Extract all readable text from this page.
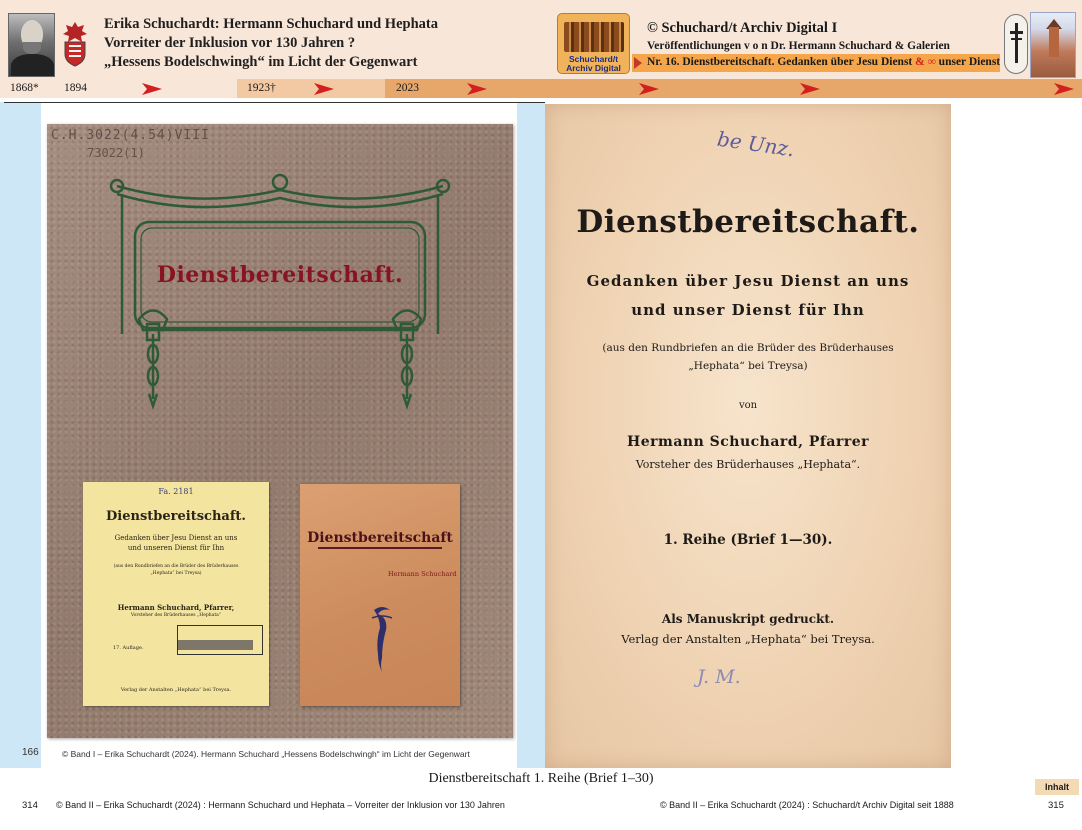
Erika Schuchardt: Hermann Schuchard und Hephata
Vorreiter der Inklusion vor 130 Jahren ?
„Hessens Bodelschwingh“ im Licht der Gegenwart	Schuchard/t Archiv Digital
© Schuchard/t Archiv Digital I
Veröffentlichungen v o n Dr. Hermann Schuchard & Galerien
Nr. 16. Dienstbereitschaft. Gedanken über Jesu Dienst & ∞ unser Dienst
1868* 1894	1923†	2023
C.H.3022(4.54)VIII
73022(1)
Dienstbereitschaft.
Fa. 2181
Dienstbereitschaft.
Gedanken über Jesu Dienst an uns
und unseren Dienst für Ihn
(aus den Rundbriefen an die Brüder des Brüderhauses
„Hephata“ bei Treysa)
Hermann Schuchard, Pfarrer,
Vorsteher des Brüderhauses „Hephata“
17. Auflage.
Verlag der Anstalten „Hephata“ bei Treysa.
Dienstbereitschaft
Hermann Schuchard
166	© Band I – Erika Schuchardt (2024). Hermann Schuchard „Hessens Bodelschwingh“ im Licht der Gegenwart
be Unz.
Dienstbereitschaft.
Gedanken über Jesu Dienst an uns
und unser Dienst für Ihn
(aus den Rundbriefen an die Brüder des Brüderhauses
„Hephata“ bei Treysa)
von
Hermann Schuchard, Pfarrer
Vorsteher des Brüderhauses „Hephata“.
1. Reihe (Brief 1—30).
Als Manuskript gedruckt.
Verlag der Anstalten „Hephata“ bei Treysa.
J. M.
Dienstbereitschaft 1. Reihe (Brief 1–30)
Inhalt
314 © Band II – Erika Schuchardt (2024) : Hermann Schuchard und Hephata – Vorreiter der Inklusion vor 130 Jahren	© Band II – Erika Schuchardt (2024) : Schuchard/t Archiv Digital seit 1888	315
